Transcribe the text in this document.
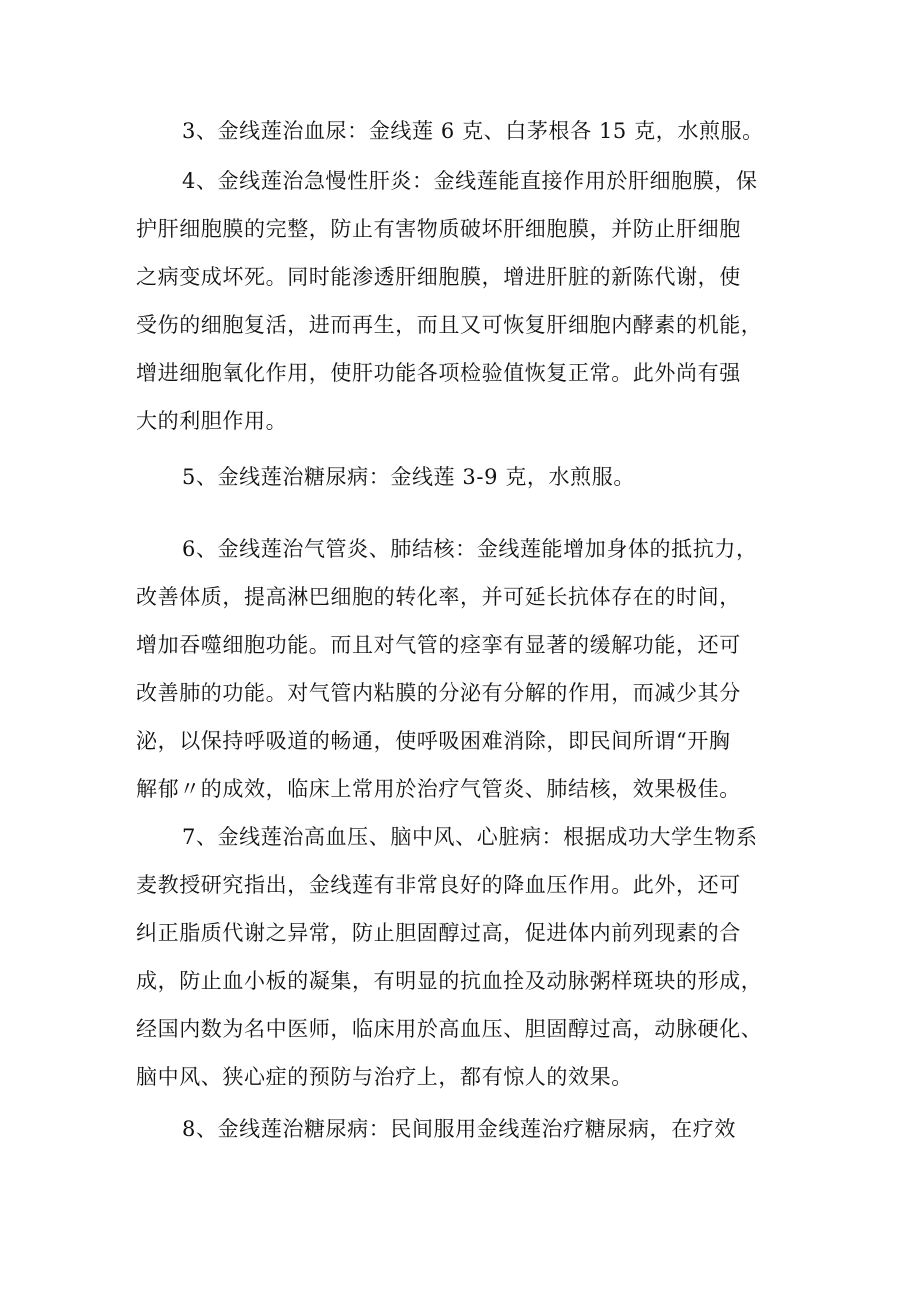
3、金线莲治血尿：金线莲 6 克、白茅根各 15 克，水煎服。
4、金线莲治急慢性肝炎：金线莲能直接作用於肝细胞膜，保
护肝细胞膜的完整，防止有害物质破坏肝细胞膜，并防止肝细胞
之病变成坏死。同时能渗透肝细胞膜，增进肝脏的新陈代谢，使
受伤的细胞复活，进而再生，而且又可恢复肝细胞内酵素的机能，
增进细胞氧化作用，使肝功能各项检验值恢复正常。此外尚有强
大的利胆作用。
5、金线莲治糖尿病：金线莲 3-9 克，水煎服。
6、金线莲治气管炎、肺结核：金线莲能增加身体的抵抗力，
改善体质，提高淋巴细胞的转化率，并可延长抗体存在的时间，
增加吞噬细胞功能。而且对气管的痉挛有显著的缓解功能，还可
改善肺的功能。对气管内粘膜的分泌有分解的作用，而减少其分
泌，以保持呼吸道的畅通，使呼吸困难消除，即民间所谓“开胸
解郁〃的成效，临床上常用於治疗气管炎、肺结核，效果极佳。
7、金线莲治高血压、脑中风、心脏病：根据成功大学生物系
麦教授研究指出，金线莲有非常良好的降血压作用。此外，还可
纠正脂质代谢之异常，防止胆固醇过高，促进体内前列现素的合
成，防止血小板的凝集，有明显的抗血拴及动脉粥样斑块的形成，
经国内数为名中医师，临床用於高血压、胆固醇过高，动脉硬化、
脑中风、狭心症的预防与治疗上，都有惊人的效果。
8、金线莲治糖尿病：民间服用金线莲治疗糖尿病，在疗效
